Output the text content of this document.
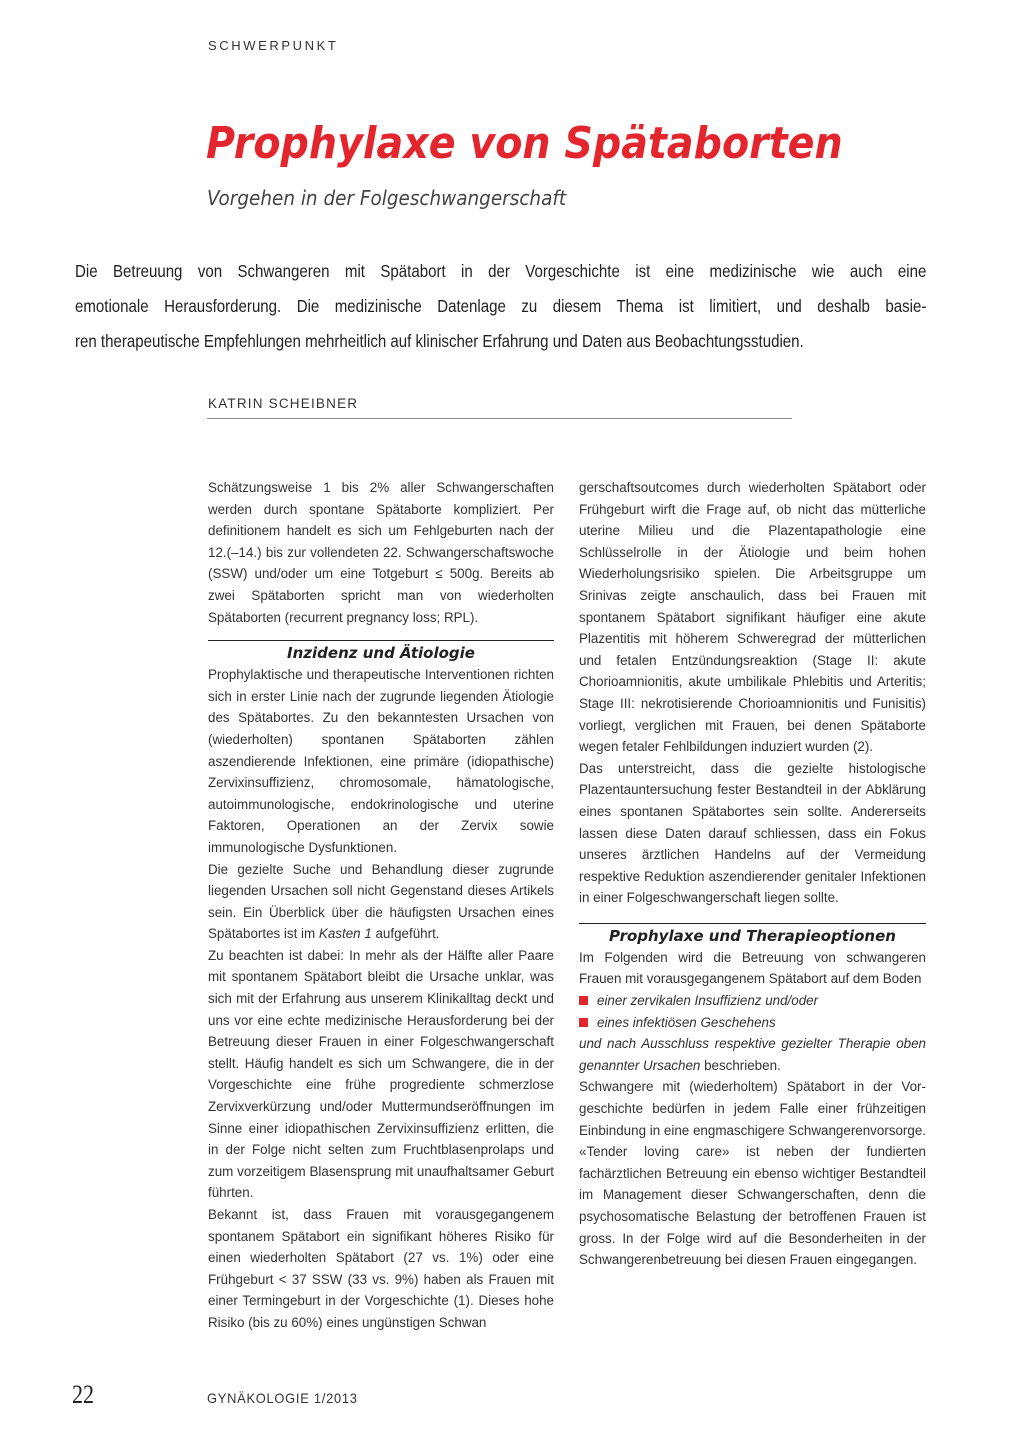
SCHWERPUNKT
Prophylaxe von Spätaborten
Vorgehen in der Folgeschwangerschaft
Die Betreuung von Schwangeren mit Spätabort in der Vorgeschichte ist eine medizinische wie auch eine
emotionale Herausforderung. Die medizinische Datenlage zu diesem Thema ist limitiert, und deshalb basie-
ren therapeutische Empfehlungen mehrheitlich auf klinischer Erfahrung und Daten aus Beobachtungsstudien.
KATRIN SCHEIBNER

Schätzungsweise 1 bis 2% aller Schwangerschaften werden durch spontane Spätaborte kompliziert. Per definitionem handelt es sich um Fehlgeburten nach der 12.(–14.) bis zur vollendeten 22. Schwangerschaftswoche (SSW) und/oder um eine Totgeburt ≤ 500g. Bereits ab zwei Spätaborten spricht man von wiederholten Spätaborten (recurrent pregnancy loss; RPL).

Inzidenz und Ätiologie

Prophylaktische und therapeutische Interventionen richten sich in erster Linie nach der zugrunde liegenden Ätiologie des Spätabortes. Zu den bekanntesten Ursachen von (wiederholten) spontanen Spätaborten zählen aszendierende Infektionen, eine primäre (idiopathische) Zervixinsuffizienz, chromosomale, hämatologische, autoimmunologische, endokrinologische und uterine Faktoren, Operationen an der Zervix sowie immunologische Dysfunktionen.

Die gezielte Suche und Behandlung dieser zugrunde liegenden Ursachen soll nicht Gegenstand dieses Artikels sein. Ein Überblick über die häufigsten Ursachen eines Spätabortes ist im Kasten 1 aufgeführt.

Zu beachten ist dabei: In mehr als der Hälfte aller Paare mit spontanem Spätabort bleibt die Ursache unklar, was sich mit der Erfahrung aus unserem Klinikalltag deckt und uns vor eine echte medizinische Herausforderung bei der Betreuung dieser Frauen in einer Folgeschwangerschaft stellt. Häufig handelt es sich um Schwangere, die in der Vorgeschichte eine frühe progrediente schmerzlose Zervixverkürzung und/oder Muttermundseröffnungen im Sinne einer idiopathischen Zervixinsuffizienz erlitten, die in der Folge nicht selten zum Fruchtblasenprolaps und zum vorzeitigem Blasensprung mit unaufhaltsamer Geburt führten.

Bekannt ist, dass Frauen mit vorausgegangenem spontanem Spätabort ein signifikant höheres Risiko für einen wiederholten Spätabort (27 vs. 1%) oder eine Frühgeburt < 37 SSW (33 vs. 9%) haben als Frauen mit einer Termingeburt in der Vorgeschichte (1). Dieses hohe Risiko (bis zu 60%) eines ungünstigen Schwan

gerschaftsoutcomes durch wiederholten Spätabort oder Frühgeburt wirft die Frage auf, ob nicht das mütterliche uterine Milieu und die Plazentapathologie eine Schlüsselrolle in der Ätiologie und beim hohen Wiederholungsrisiko spielen. Die Arbeitsgruppe um Srinivas zeigte anschaulich, dass bei Frauen mit spontanem Spätabort signifikant häufiger eine akute Plazentitis mit höherem Schweregrad der mütterlichen und fetalen Entzündungsreaktion (Stage II: akute Chorioamnionitis, akute umbilikale Phlebitis und Arteritis; Stage III: nekrotisierende Chorioamnionitis und Funisitis) vorliegt, verglichen mit Frauen, bei denen Spätaborte wegen fetaler Fehlbildungen induziert wurden (2).

Das unterstreicht, dass die gezielte histologische Plazentauntersuchung fester Bestandteil in der Abklärung eines spontanen Spätabortes sein sollte. Andererseits lassen diese Daten darauf schliessen, dass ein Fokus unseres ärztlichen Handelns auf der Vermeidung respektive Reduktion aszendierender genitaler Infektionen in einer Folgeschwangerschaft liegen sollte.

Prophylaxe und Therapieoptionen

Im Folgenden wird die Betreuung von schwangeren Frauen mit vorausgegangenem Spätabort auf dem Boden

einer zervikalen Insuffizienz und/oder

eines infektiösen Geschehens

und nach Ausschluss respektive gezielter Therapie oben genannter Ursachen beschrieben.

Schwangere mit (wiederholtem) Spätabort in der Vorgeschichte bedürfen in jedem Falle einer frühzeitigen Einbindung in eine engmaschigere Schwangerenvorsorge. «Tender loving care» ist neben der fundierten fachärztlichen Betreuung ein ebenso wichtiger Bestandteil im Management dieser Schwangerschaften, denn die psychosomatische Belastung der betroffenen Frauen ist gross. In der Folge wird auf die Besonderheiten in der Schwangerenbetreuung bei diesen Frauen eingegangen.

22	GYNÄKOLOGIE 1/2013
